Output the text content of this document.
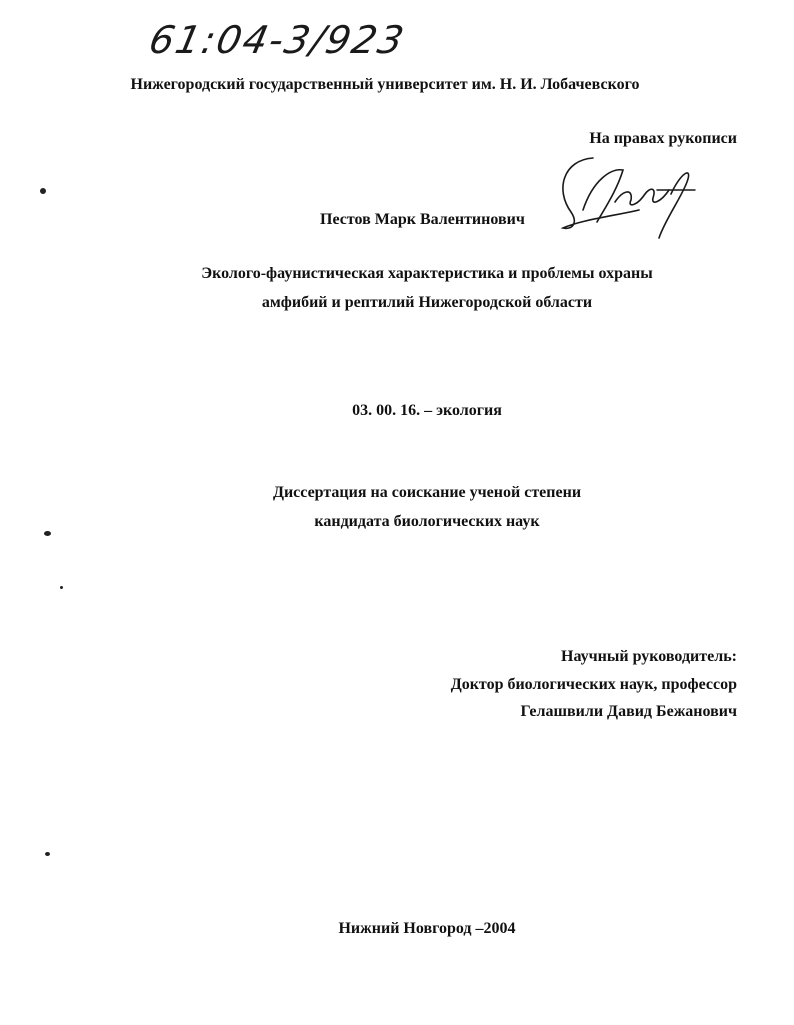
61:04-3/923
Нижегородский государственный университет им. Н. И. Лобачевского
На правах рукописи
Пестов Марк Валентинович
Эколого-фаунистическая характеристика и проблемы охраны
амфибий и рептилий Нижегородской области
03. 00. 16. – экология
Диссертация на соискание ученой степени
кандидата биологических наук
Научный руководитель:
Доктор биологических наук, профессор
Гелашвили Давид Бежанович
Нижний Новгород –2004
